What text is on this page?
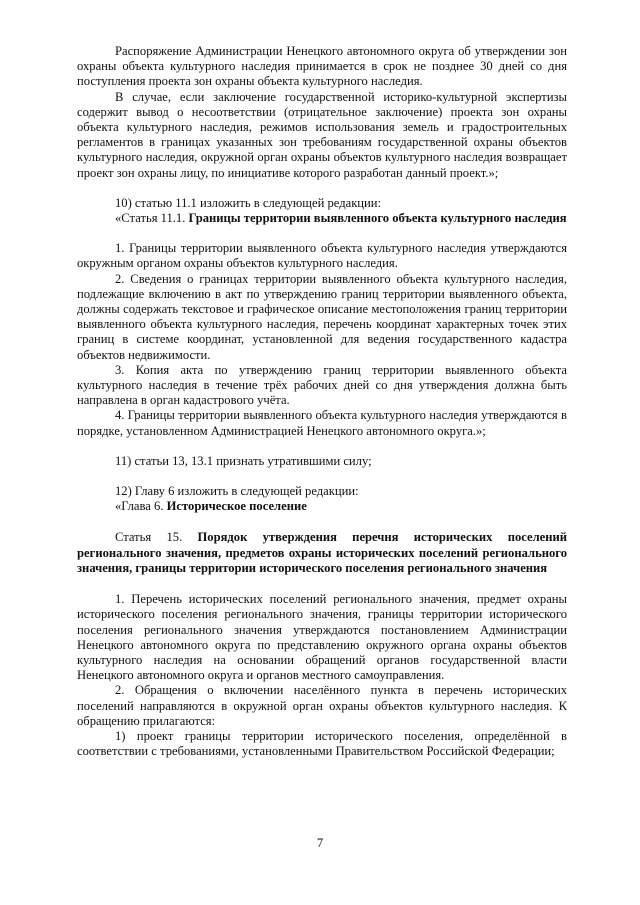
Распоряжение Администрации Ненецкого автономного округа об утверждении зон охраны объекта культурного наследия принимается в срок не позднее 30 дней со дня поступления проекта зон охраны объекта культурного наследия.

В случае, если заключение государственной историко-культурной экспертизы содержит вывод о несоответствии (отрицательное заключение) проекта зон охраны объекта культурного наследия, режимов использования земель и градостроительных регламентов в границах указанных зон требованиям государственной охраны объектов культурного наследия, окружной орган охраны объектов культурного наследия возвращает проект зон охраны лицу, по инициативе которого разработан данный проект.»;

10) статью 11.1 изложить в следующей редакции:

«Статья 11.1. Границы территории выявленного объекта культурного наследия

1. Границы территории выявленного объекта культурного наследия утверждаются окружным органом охраны объектов культурного наследия.

2. Сведения о границах территории выявленного объекта культурного наследия, подлежащие включению в акт по утверждению границ территории выявленного объекта, должны содержать текстовое и графическое описание местоположения границ территории выявленного объекта культурного наследия, перечень координат характерных точек этих границ в системе координат, установленной для ведения государственного кадастра объектов недвижимости.

3. Копия акта по утверждению границ территории выявленного объекта культурного наследия в течение трёх рабочих дней со дня утверждения должна быть направлена в орган кадастрового учёта.

4. Границы территории выявленного объекта культурного наследия утверждаются в порядке, установленном Администрацией Ненецкого автономного округа.»;

11) статьи 13, 13.1 признать утратившими силу;

12) Главу 6 изложить в следующей редакции:

«Глава 6. Историческое поселение

Статья 15. Порядок утверждения перечня исторических поселений регионального значения, предметов охраны исторических поселений регионального значения, границы территории исторического поселения регионального значения

1. Перечень исторических поселений регионального значения, предмет охраны исторического поселения регионального значения, границы территории исторического поселения регионального значения утверждаются постановлением Администрации Ненецкого автономного округа по представлению окружного органа охраны объектов культурного наследия на основании обращений органов государственной власти Ненецкого автономного округа и органов местного самоуправления.

2. Обращения о включении населённого пункта в перечень исторических поселений направляются в окружной орган охраны объектов культурного наследия. К обращению прилагаются:

1) проект границы территории исторического поселения, определённой в соответствии с требованиями, установленными Правительством Российской Федерации;

7
